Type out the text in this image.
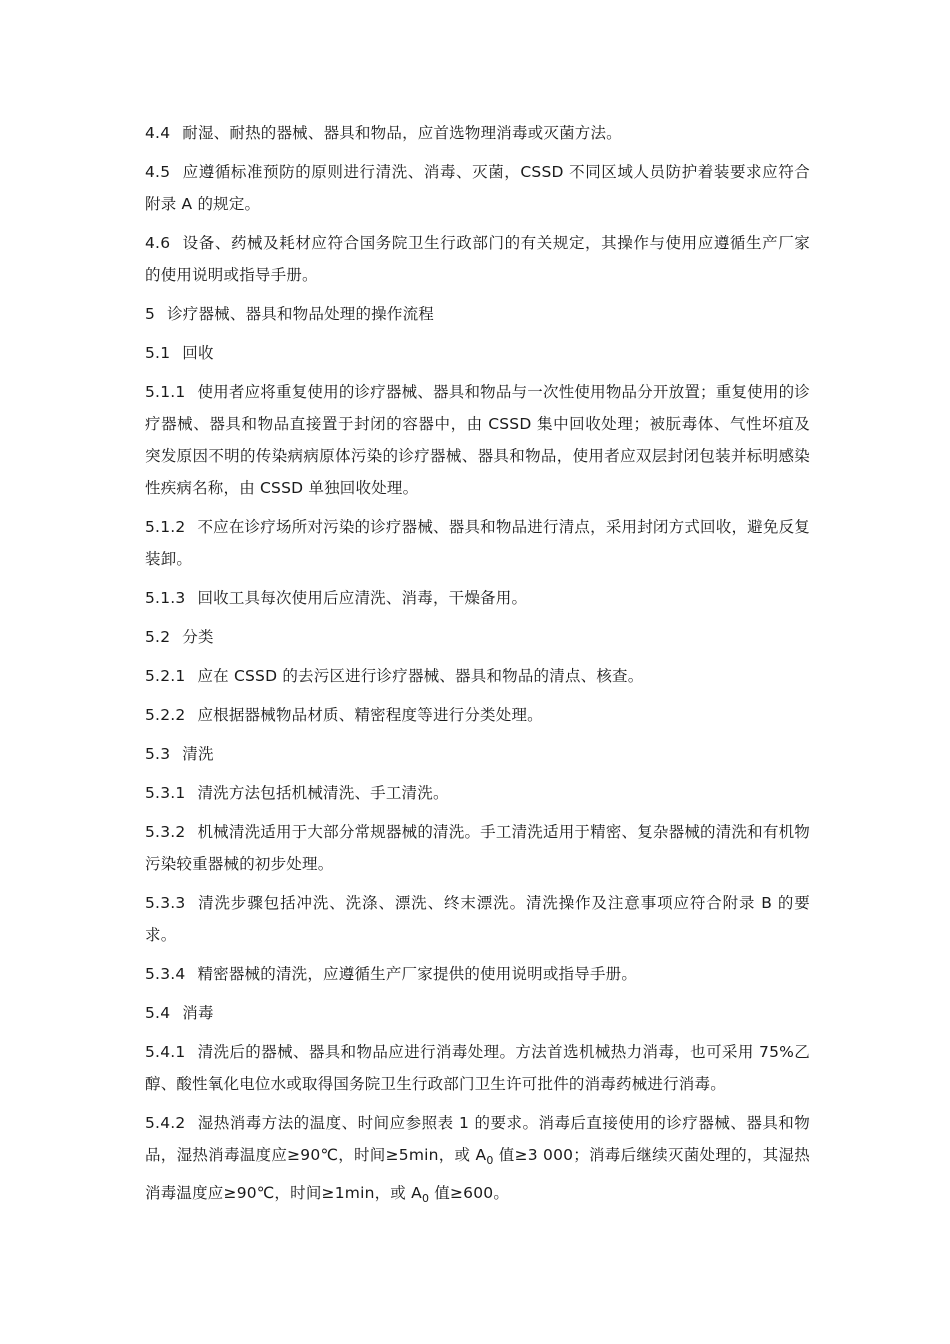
4.4 耐湿、耐热的器械、器具和物品，应首选物理消毒或灭菌方法。

4.5 应遵循标准预防的原则进行清洗、消毒、灭菌，CSSD 不同区域人员防护着装要求应符合附录 A 的规定。

4.6 设备、药械及耗材应符合国务院卫生行政部门的有关规定，其操作与使用应遵循生产厂家的使用说明或指导手册。

5 诊疗器械、器具和物品处理的操作流程

5.1 回收

5.1.1 使用者应将重复使用的诊疗器械、器具和物品与一次性使用物品分开放置；重复使用的诊疗器械、器具和物品直接置于封闭的容器中，由 CSSD 集中回收处理；被朊毒体、气性坏疽及突发原因不明的传染病病原体污染的诊疗器械、器具和物品，使用者应双层封闭包装并标明感染性疾病名称，由 CSSD 单独回收处理。

5.1.2 不应在诊疗场所对污染的诊疗器械、器具和物品进行清点，采用封闭方式回收，避免反复装卸。

5.1.3 回收工具每次使用后应清洗、消毒，干燥备用。

5.2 分类

5.2.1 应在 CSSD 的去污区进行诊疗器械、器具和物品的清点、核查。

5.2.2 应根据器械物品材质、精密程度等进行分类处理。

5.3 清洗

5.3.1 清洗方法包括机械清洗、手工清洗。

5.3.2 机械清洗适用于大部分常规器械的清洗。手工清洗适用于精密、复杂器械的清洗和有机物污染较重器械的初步处理。

5.3.3 清洗步骤包括冲洗、洗涤、漂洗、终末漂洗。清洗操作及注意事项应符合附录 B 的要求。

5.3.4 精密器械的清洗，应遵循生产厂家提供的使用说明或指导手册。

5.4 消毒

5.4.1 清洗后的器械、器具和物品应进行消毒处理。方法首选机械热力消毒，也可采用 75%乙醇、酸性氧化电位水或取得国务院卫生行政部门卫生许可批件的消毒药械进行消毒。

5.4.2 湿热消毒方法的温度、时间应参照表 1 的要求。消毒后直接使用的诊疗器械、器具和物品，湿热消毒温度应≥90℃，时间≥5min，或 $A_0$ 值≥3 000；消毒后继续灭菌处理的，其湿热消毒温度应≥90℃，时间≥1min，或 $A_0$ 值≥600。
